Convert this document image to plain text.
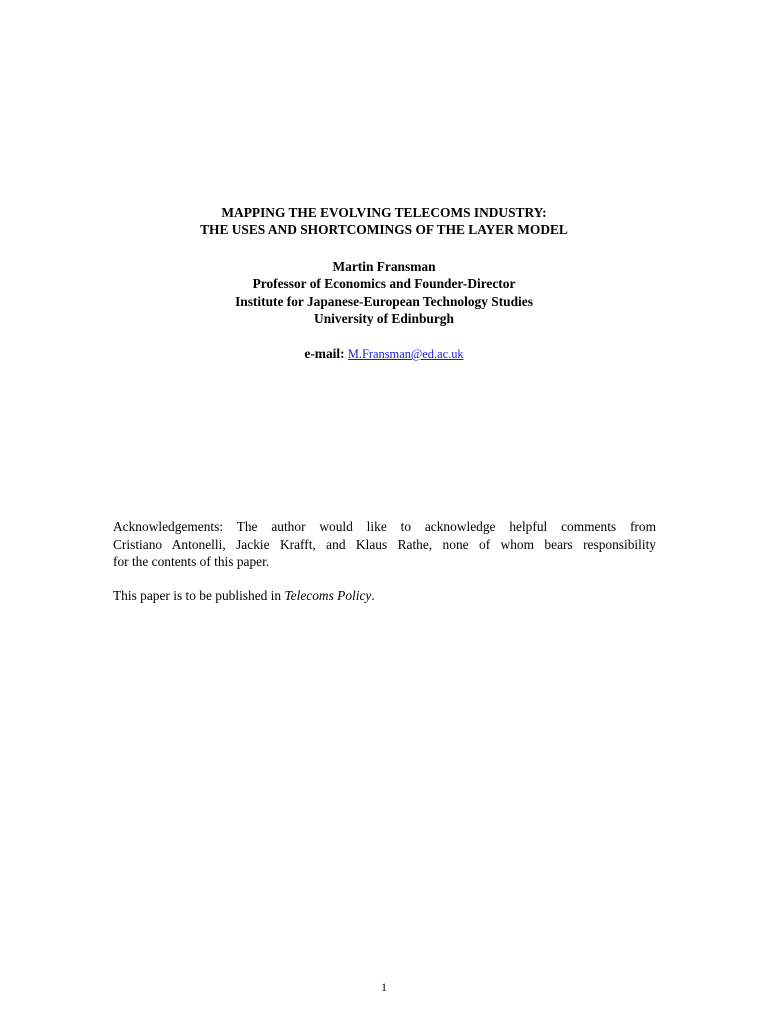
MAPPING THE EVOLVING TELECOMS INDUSTRY:
THE USES AND SHORTCOMINGS OF THE LAYER MODEL
Martin Fransman
Professor of Economics and Founder-Director
Institute for Japanese-European Technology Studies
University of Edinburgh
e-mail: M.Fransman@ed.ac.uk
Acknowledgements: The author would like to acknowledge helpful comments from
Cristiano Antonelli, Jackie Krafft, and Klaus Rathe, none of whom bears responsibility
for the contents of this paper.
This paper is to be published in Telecoms Policy.
1
